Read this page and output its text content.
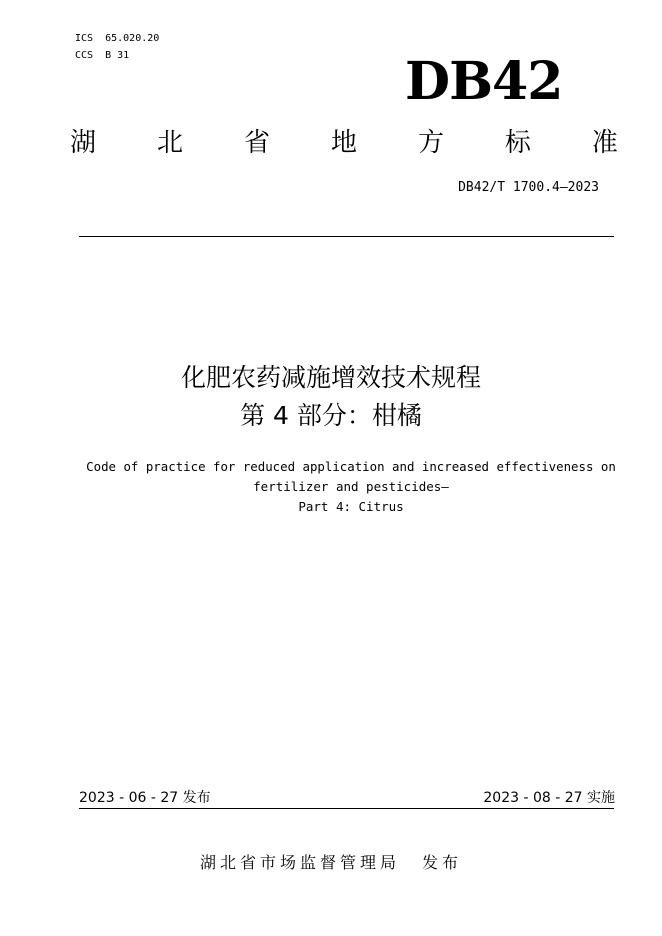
ICS  65.020.20
CCS  B 31	DB42
湖 北 省 地 方 标 准
DB42/T 1700.4—2023
化肥农药减施增效技术规程
第 4 部分：柑橘
Code of practice for reduced application and increased effectiveness on
fertilizer and pesticides—
Part 4: Citrus
2023 - 06 - 27 发布	2023 - 08 - 27 实施
湖北省市场监督管理局 发布
